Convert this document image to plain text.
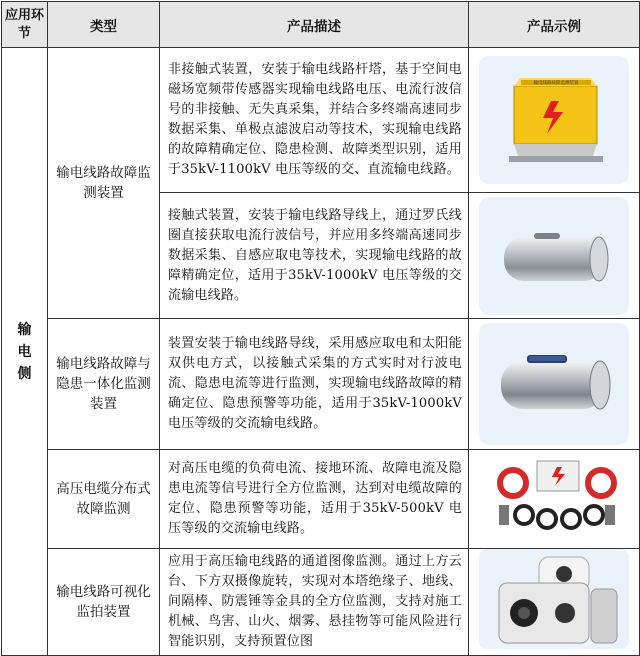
应用环节	类型	产品描述	产品示例
输电侧	输电线路故障监测装置	非接触式装置，安装于输电线路杆塔，基于空间电磁场宽频带传感器实现输电线路电压、电流行波信号的非接触、无失真采集，并结合多终端高速同步数据采集、单极点滤波启动等技术，实现输电线路的故障精确定位、隐患检测、故障类型识别，适用于35kV-1100kV 电压等级的交、直流输电线路。	输电线路故障监测装置

		接触式装置，安装于输电线路导线上，通过罗氏线圈直接获取电流行波信号，并应用多终端高速同步数据采集、自感应取电等技术，实现输电线路的故障精确定位，适用于35kV-1000kV 电压等级的交流输电线路。	

	输电线路故障与隐患一体化监测装置	装置安装于输电线路导线，采用感应取电和太阳能双供电方式，以接触式采集的方式实时对行波电流、隐患电流等进行监测，实现输电线路故障的精确定位、隐患预警等功能，适用于35kV-1000kV 电压等级的交流输电线路。	

	高压电缆分布式故障监测	对高压电缆的负荷电流、接地环流、故障电流及隐患电流等信号进行全方位监测，达到对电缆故障的定位、隐患预警等功能，适用于35kV-500kV 电压等级的交流输电线路。	

	输电线路可视化监拍装置	应用于高压输电线路的通道图像监测。通过上方云台、下方双摄像旋转，实现对本塔绝缘子、地线、间隔棒、防震锤等金具的全方位监测，支持对施工机械、鸟害、山火、烟雾、悬挂物等可能风险进行智能识别，支持预置位图	
